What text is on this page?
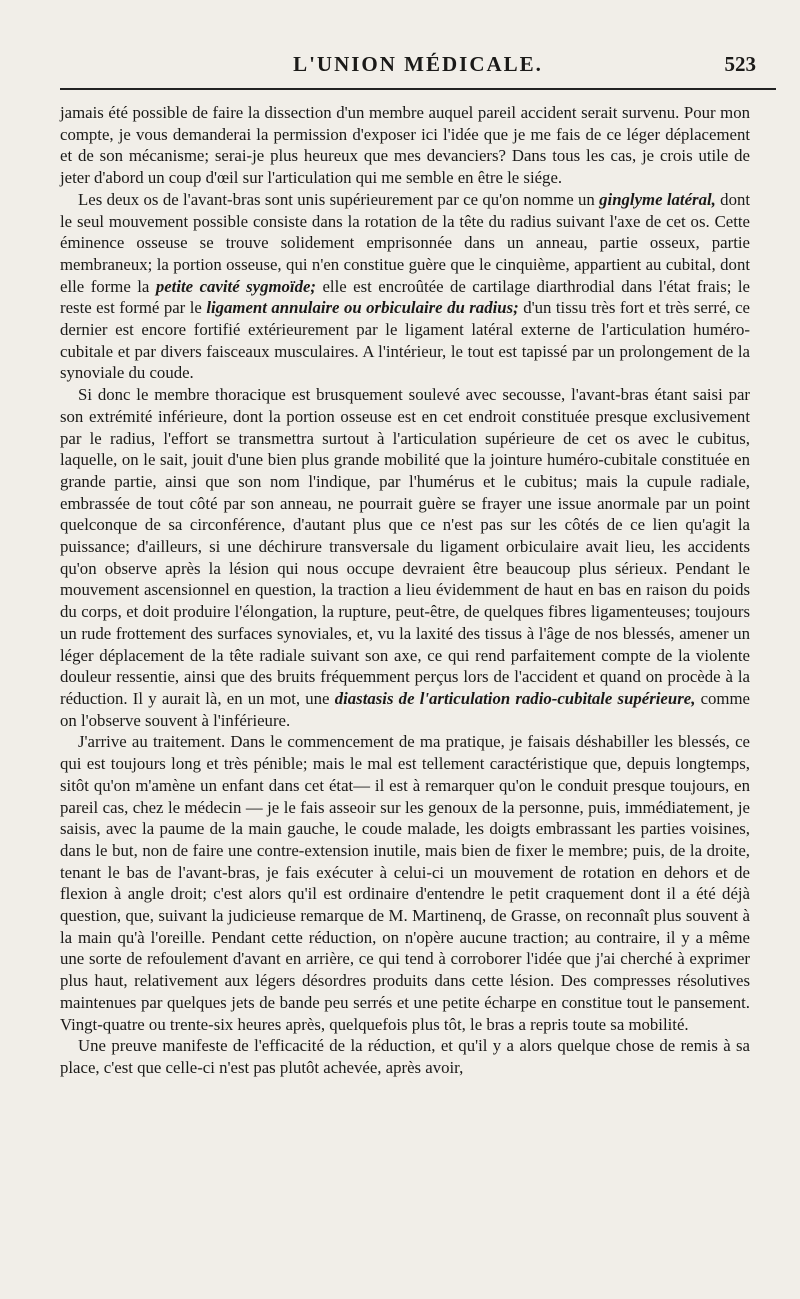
L'UNION MÉDICALE.	523

jamais été possible de faire la dissection d'un membre auquel pareil accident serait survenu. Pour mon compte, je vous demanderai la permission d'exposer ici l'idée que je me fais de ce léger déplacement et de son mécanisme; serai-je plus heureux que mes devanciers? Dans tous les cas, je crois utile de jeter d'abord un coup d'œil sur l'articulation qui me semble en être le siége.

Les deux os de l'avant-bras sont unis supérieurement par ce qu'on nomme un ginglyme latéral, dont le seul mouvement possible consiste dans la rotation de la tête du radius suivant l'axe de cet os. Cette éminence osseuse se trouve solidement emprisonnée dans un anneau, partie osseux, partie membraneux; la portion osseuse, qui n'en constitue guère que le cinquième, appartient au cubital, dont elle forme la petite cavité sygmoïde; elle est encroûtée de cartilage diarthrodial dans l'état frais; le reste est formé par le ligament annulaire ou orbiculaire du radius; d'un tissu très fort et très serré, ce dernier est encore fortifié extérieurement par le ligament latéral externe de l'articulation huméro-cubitale et par divers faisceaux musculaires. A l'intérieur, le tout est tapissé par un prolongement de la synoviale du coude.

Si donc le membre thoracique est brusquement soulevé avec secousse, l'avant-bras étant saisi par son extrémité inférieure, dont la portion osseuse est en cet endroit constituée presque exclusivement par le radius, l'effort se transmettra surtout à l'articulation supérieure de cet os avec le cubitus, laquelle, on le sait, jouit d'une bien plus grande mobilité que la jointure huméro-cubitale constituée en grande partie, ainsi que son nom l'indique, par l'humérus et le cubitus; mais la cupule radiale, embrassée de tout côté par son anneau, ne pourrait guère se frayer une issue anormale par un point quelconque de sa circonférence, d'autant plus que ce n'est pas sur les côtés de ce lien qu'agit la puissance; d'ailleurs, si une déchirure transversale du ligament orbiculaire avait lieu, les accidents qu'on observe après la lésion qui nous occupe devraient être beaucoup plus sérieux. Pendant le mouvement ascensionnel en question, la traction a lieu évidemment de haut en bas en raison du poids du corps, et doit produire l'élongation, la rupture, peut-être, de quelques fibres ligamenteuses; toujours un rude frottement des surfaces synoviales, et, vu la laxité des tissus à l'âge de nos blessés, amener un léger déplacement de la tête radiale suivant son axe, ce qui rend parfaitement compte de la violente douleur ressentie, ainsi que des bruits fréquemment perçus lors de l'accident et quand on procède à la réduction. Il y aurait là, en un mot, une diastasis de l'articulation radio-cubitale supérieure, comme on l'observe souvent à l'inférieure.

J'arrive au traitement. Dans le commencement de ma pratique, je faisais déshabiller les blessés, ce qui est toujours long et très pénible; mais le mal est tellement caractéristique que, depuis longtemps, sitôt qu'on m'amène un enfant dans cet état— il est à remarquer qu'on le conduit presque toujours, en pareil cas, chez le médecin — je le fais asseoir sur les genoux de la personne, puis, immédiatement, je saisis, avec la paume de la main gauche, le coude malade, les doigts embrassant les parties voisines, dans le but, non de faire une contre-extension inutile, mais bien de fixer le membre; puis, de la droite, tenant le bas de l'avant-bras, je fais exécuter à celui-ci un mouvement de rotation en dehors et de flexion à angle droit; c'est alors qu'il est ordinaire d'entendre le petit craquement dont il a été déjà question, que, suivant la judicieuse remarque de M. Martinenq, de Grasse, on reconnaît plus souvent à la main qu'à l'oreille. Pendant cette réduction, on n'opère aucune traction; au contraire, il y a même une sorte de refoulement d'avant en arrière, ce qui tend à corroborer l'idée que j'ai cherché à exprimer plus haut, relativement aux légers désordres produits dans cette lésion. Des compresses résolutives maintenues par quelques jets de bande peu serrés et une petite écharpe en constitue tout le pansement. Vingt-quatre ou trente-six heures après, quelquefois plus tôt, le bras a repris toute sa mobilité.

Une preuve manifeste de l'efficacité de la réduction, et qu'il y a alors quelque chose de remis à sa place, c'est que celle-ci n'est pas plutôt achevée, après avoir,
